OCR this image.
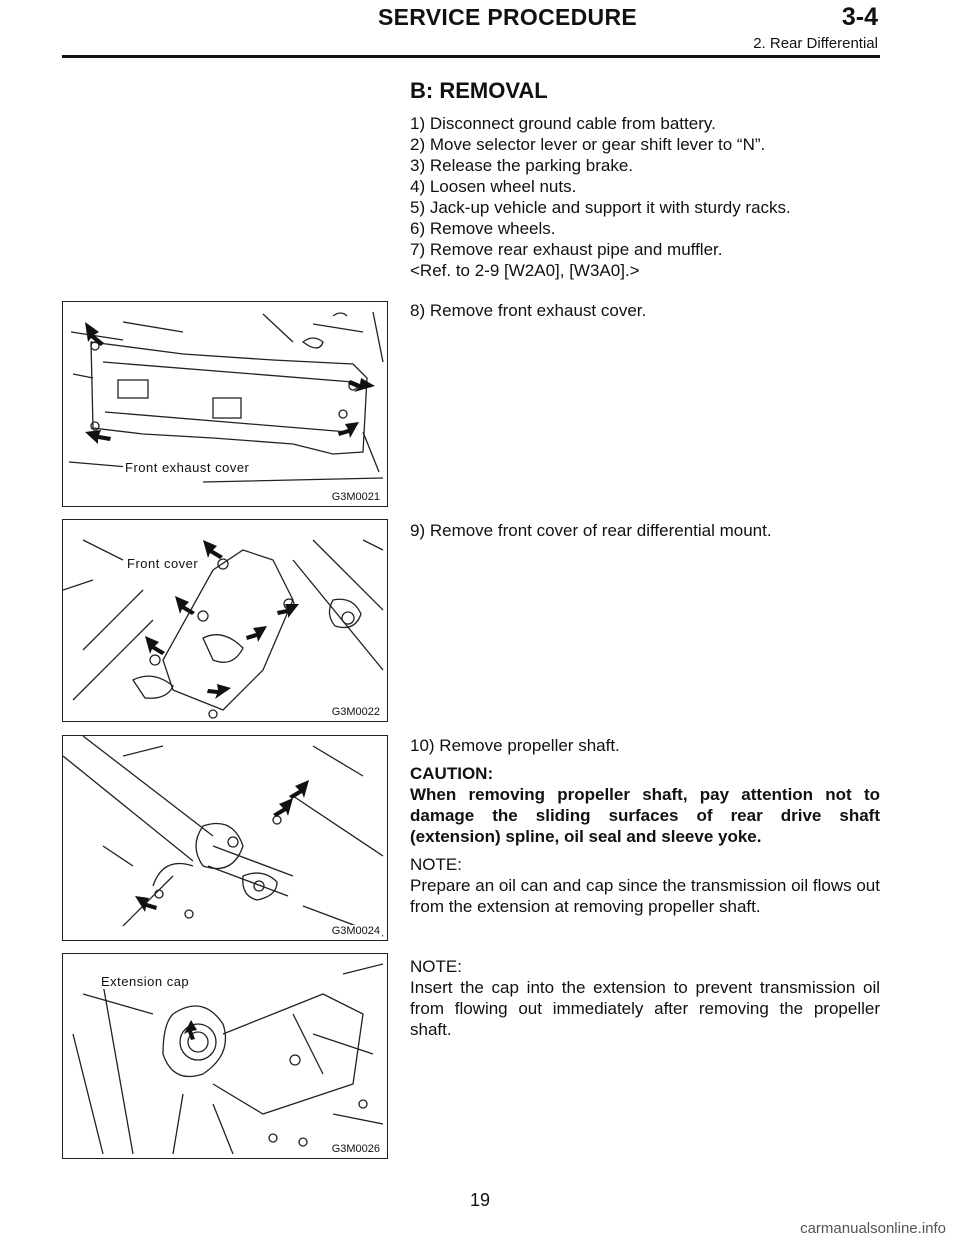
SERVICE PROCEDURE	3-4
2. Rear Differential
B: REMOVAL
1) Disconnect ground cable from battery.
2) Move selector lever or gear shift lever to “N”.
3) Release the parking brake.
4) Loosen wheel nuts.
5) Jack-up vehicle and support it with sturdy racks.
6) Remove wheels.
7) Remove rear exhaust pipe and muffler.
<Ref. to 2-9 [W2A0], [W3A0].>
Front exhaust cover
G3M0021

8) Remove front exhaust cover.

Front cover
G3M0022

9) Remove front cover of rear differential mount.

G3M0024

10) Remove propeller shaft.

CAUTION:

When removing propeller shaft, pay attention not to damage the sliding surfaces of rear drive shaft (extension) spline, oil seal and sleeve yoke.

NOTE:

Prepare an oil can and cap since the transmission oil flows out from the extension at removing propeller shaft.

Extension cap
G3M0026

NOTE:

Insert the cap into the extension to prevent transmission oil from flowing out immediately after removing the propeller shaft.

19
carmanualsonline.info
